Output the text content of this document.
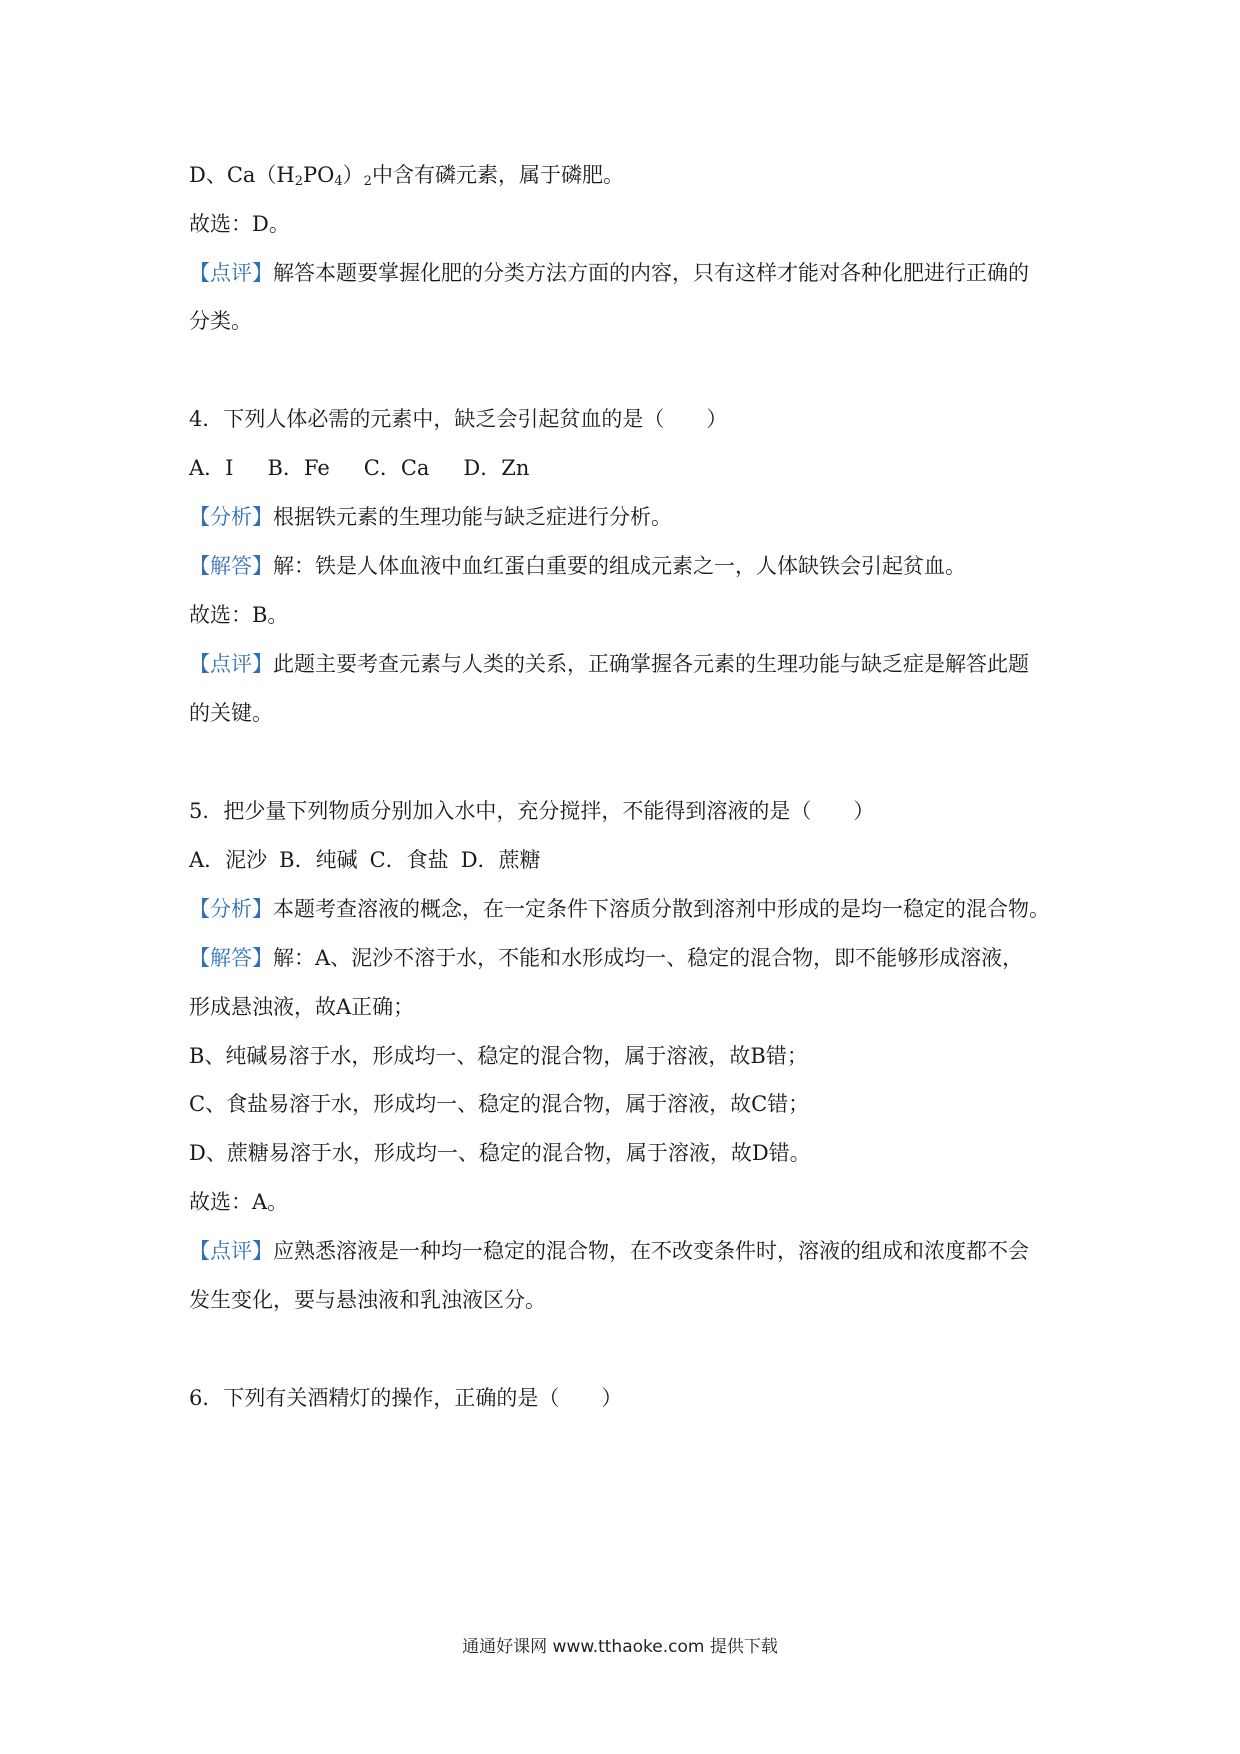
D、$Ca(H_2PO_4)_2$中含有磷元素，属于磷肥。
故选：D。
【点评】解答本题要掌握化肥的分类方法方面的内容，只有这样才能对各种化肥进行正确的
分类。
4．下列人体必需的元素中，缺乏会引起贫血的是（　　）
A．I B．Fe C．Ca D．Zn
【分析】根据铁元素的生理功能与缺乏症进行分析。
【解答】解：铁是人体血液中血红蛋白重要的组成元素之一，人体缺铁会引起贫血。
故选：B。
【点评】此题主要考查元素与人类的关系，正确掌握各元素的生理功能与缺乏症是解答此题
的关键。
5．把少量下列物质分别加入水中，充分搅拌，不能得到溶液的是（　　）
A．泥沙 B．纯碱 C．食盐 D．蔗糖
【分析】本题考查溶液的概念，在一定条件下溶质分散到溶剂中形成的是均一稳定的混合物。
【解答】解：A、泥沙不溶于水，不能和水形成均一、稳定的混合物，即不能够形成溶液，
形成悬浊液，故A正确；
B、纯碱易溶于水，形成均一、稳定的混合物，属于溶液，故B错；
C、食盐易溶于水，形成均一、稳定的混合物，属于溶液，故C错；
D、蔗糖易溶于水，形成均一、稳定的混合物，属于溶液，故D错。
故选：A。
【点评】应熟悉溶液是一种均一稳定的混合物，在不改变条件时，溶液的组成和浓度都不会
发生变化，要与悬浊液和乳浊液区分。
6．下列有关酒精灯的操作，正确的是（　　）
通通好课网 www.tthaoke.com 提供下载
